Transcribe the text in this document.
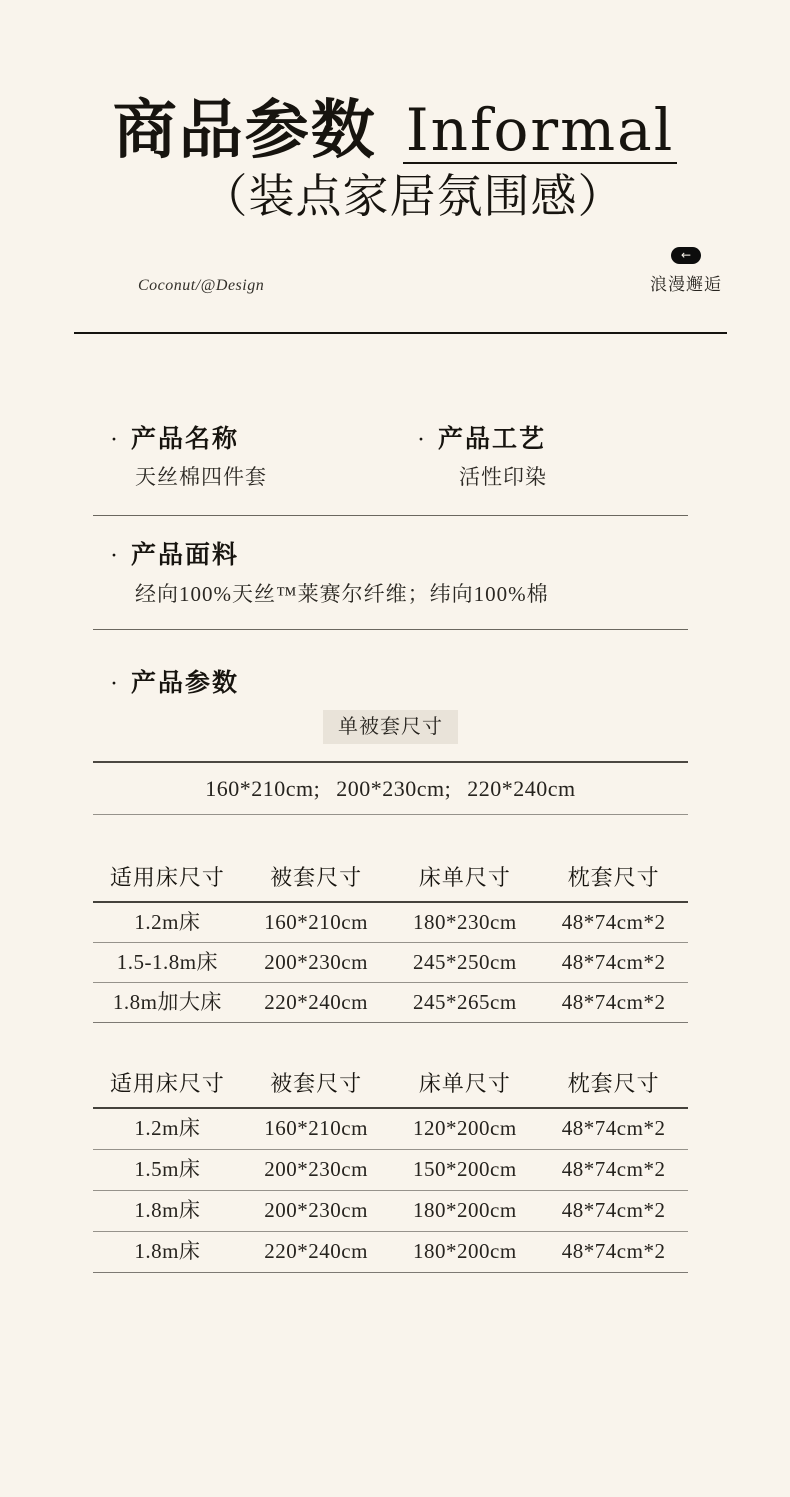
商品参数 Informal
（装点家居氛围感）
Coconut/@Design
←
浪漫邂逅
· 产品名称
天丝棉四件套
· 产品工艺
活性印染
· 产品面料
经向100%天丝™莱赛尔纤维；纬向100%棉
· 产品参数
单被套尺寸
160*210cm; 200*230cm; 220*240cm
适用床尺寸 被套尺寸	床单尺寸	枕套尺寸
1.2m床	160*210cm 180*230cm 48*74cm*2
1.5-1.8m床 200*230cm 245*250cm 48*74cm*2
1.8m加大床 220*240cm 245*265cm 48*74cm*2
适用床尺寸 被套尺寸	床单尺寸	枕套尺寸
1.2m床	160*210cm 120*200cm 48*74cm*2
1.5m床	200*230cm 150*200cm 48*74cm*2
1.8m床	200*230cm 180*200cm 48*74cm*2
1.8m床	220*240cm 180*200cm 48*74cm*2
